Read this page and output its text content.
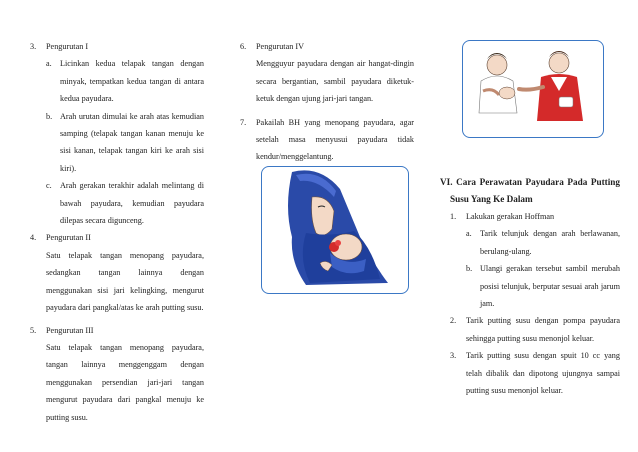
3.	Pengurutan I
a.	Licinkan kedua telapak tangan dengan minyak, tempatkan kedua tangan di antara kedua payudara.
b. Arah urutan dimulai ke arah atas kemudian samping (telapak tangan kanan menuju ke sisi kanan, telapak tangan kiri ke arah sisi kiri).
c.	Arah gerakan terakhir adalah melintang di bawah payudara, kemudian payudara dilepas secara digunceng.
4.	Pengurutan II

Satu telapak tangan menopang payudara, sedangkan tangan lainnya dengan menggunakan sisi jari kelingking, mengurut payudara dari pangkal/atas ke arah putting susu.

5.	Pengurutan III

Satu telapak tangan menopang payudara, tangan lainnya menggenggam dengan menggunakan persendian jari-jari tangan mengurut payudara dari pangkal menuju ke putting susu.

6.	Pengurutan IV

Mengguyur payudara dengan air hangat-dingin secara bergantian, sambil payudara diketuk-ketuk dengan ujung jari-jari tangan.

7.	Pakailah BH yang menopang payudara, agar setelah masa menyusui payudara tidak kendur/menggelantung.

VI. Cara Perawatan Payudara Pada Putting Susu Yang Ke Dalam

1.	Lakukan gerakan Hoffman
a.	Tarik telunjuk dengan arah berlawanan, berulang-ulang.
b. Ulangi gerakan tersebut sambil merubah posisi telunjuk, berputar sesuai arah jarum jam.
2.	Tarik putting susu dengan pompa payudara sehingga putting susu menonjol keluar.
3.	Tarik putting susu dengan spuit 10 cc yang telah dibalik dan dipotong ujungnya sampai putting susu menonjol keluar.
